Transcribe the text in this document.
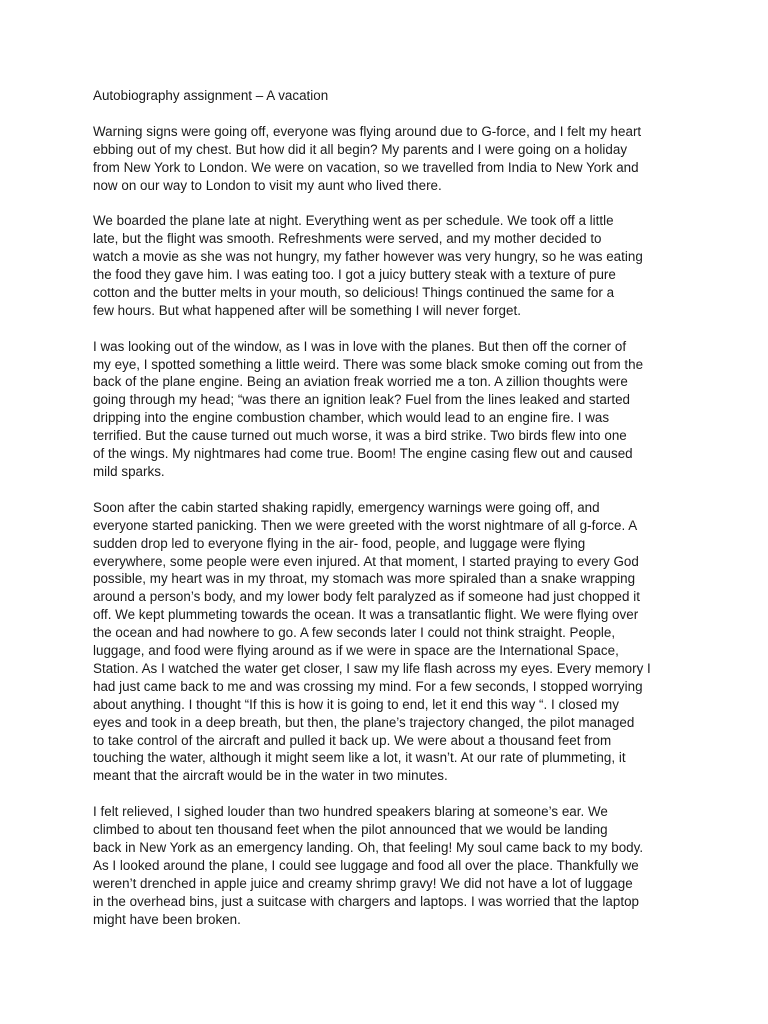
Autobiography assignment – A vacation

Warning signs were going off, everyone was flying around due to G-force, and I felt my heart
ebbing out of my chest. But how did it all begin? My parents and I were going on a holiday
from New York to London. We were on vacation, so we travelled from India to New York and
now on our way to London to visit my aunt who lived there.

We boarded the plane late at night. Everything went as per schedule. We took off a little
late, but the flight was smooth. Refreshments were served, and my mother decided to
watch a movie as she was not hungry, my father however was very hungry, so he was eating
the food they gave him. I was eating too. I got a juicy buttery steak with a texture of pure
cotton and the butter melts in your mouth, so delicious! Things continued the same for a
few hours. But what happened after will be something I will never forget.

I was looking out of the window, as I was in love with the planes. But then off the corner of
my eye, I spotted something a little weird. There was some black smoke coming out from the
back of the plane engine. Being an aviation freak worried me a ton. A zillion thoughts were
going through my head; “was there an ignition leak? Fuel from the lines leaked and started
dripping into the engine combustion chamber, which would lead to an engine fire. I was
terrified. But the cause turned out much worse, it was a bird strike. Two birds flew into one
of the wings. My nightmares had come true. Boom! The engine casing flew out and caused
mild sparks.

Soon after the cabin started shaking rapidly, emergency warnings were going off, and
everyone started panicking. Then we were greeted with the worst nightmare of all g-force. A
sudden drop led to everyone flying in the air- food, people, and luggage were flying
everywhere, some people were even injured. At that moment, I started praying to every God
possible, my heart was in my throat, my stomach was more spiraled than a snake wrapping
around a person’s body, and my lower body felt paralyzed as if someone had just chopped it
off. We kept plummeting towards the ocean. It was a transatlantic flight. We were flying over
the ocean and had nowhere to go. A few seconds later I could not think straight. People,
luggage, and food were flying around as if we were in space are the International Space,
Station. As I watched the water get closer, I saw my life flash across my eyes. Every memory I
had just came back to me and was crossing my mind. For a few seconds, I stopped worrying
about anything. I thought “If this is how it is going to end, let it end this way “. I closed my
eyes and took in a deep breath, but then, the plane’s trajectory changed, the pilot managed
to take control of the aircraft and pulled it back up. We were about a thousand feet from
touching the water, although it might seem like a lot, it wasn’t. At our rate of plummeting, it
meant that the aircraft would be in the water in two minutes.

I felt relieved, I sighed louder than two hundred speakers blaring at someone’s ear. We
climbed to about ten thousand feet when the pilot announced that we would be landing
back in New York as an emergency landing. Oh, that feeling! My soul came back to my body.
As I looked around the plane, I could see luggage and food all over the place. Thankfully we
weren’t drenched in apple juice and creamy shrimp gravy! We did not have a lot of luggage
in the overhead bins, just a suitcase with chargers and laptops. I was worried that the laptop
might have been broken.
